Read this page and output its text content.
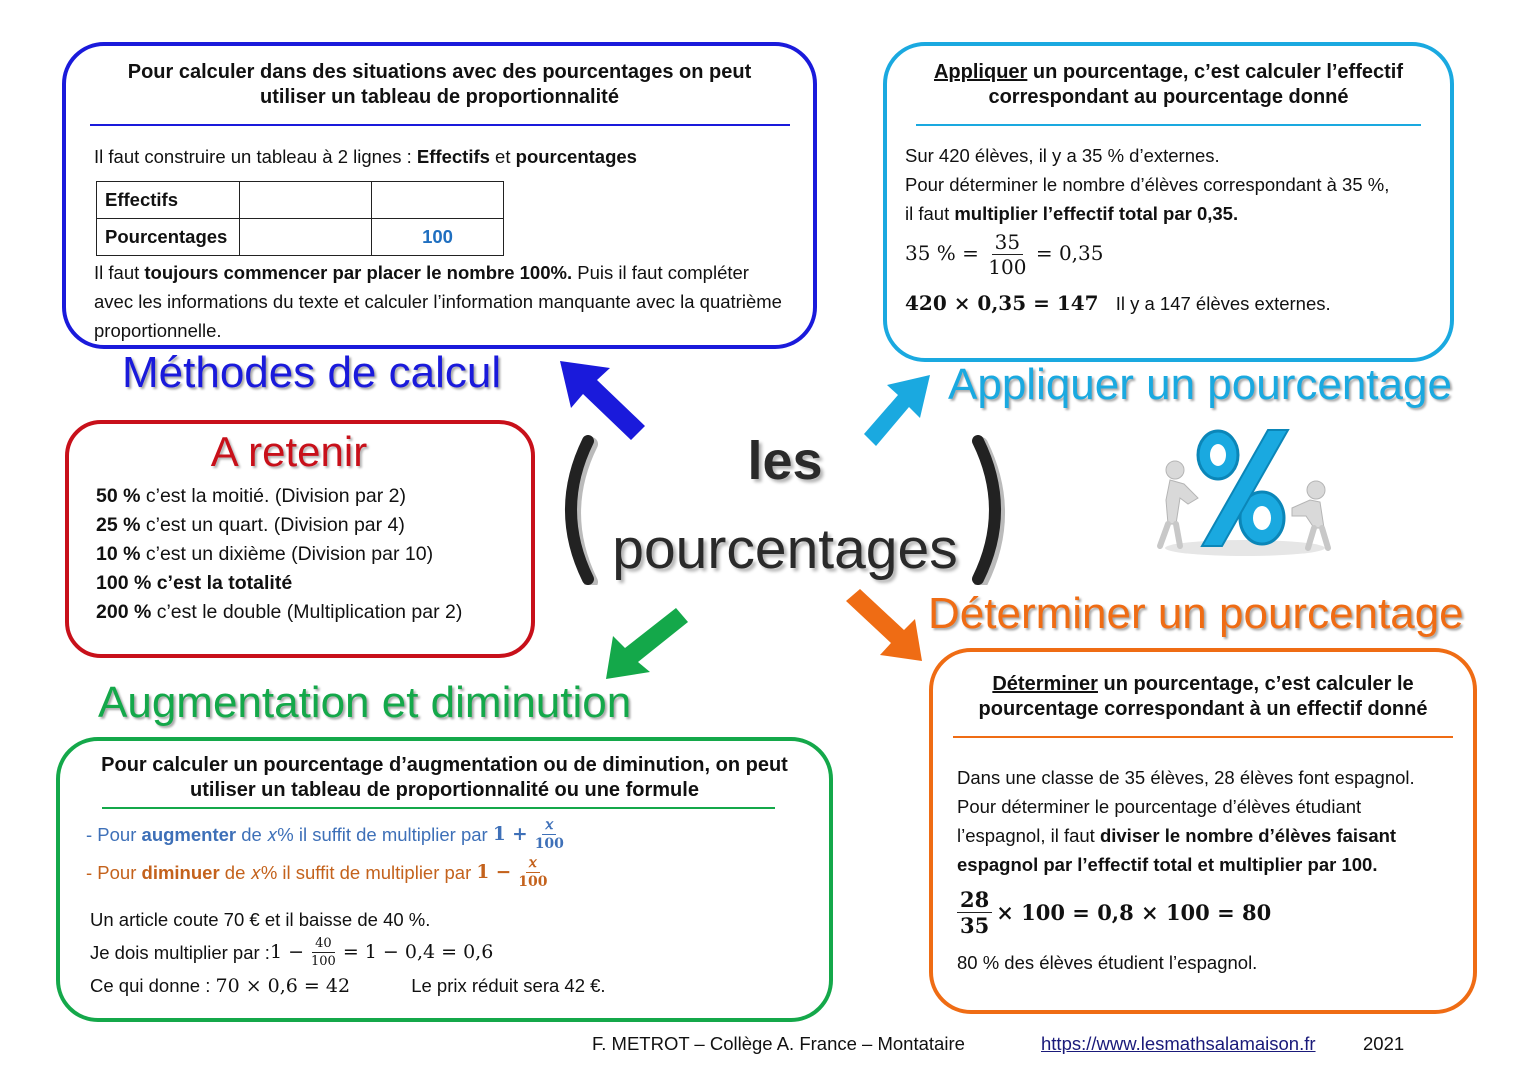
Pour calculer dans des situations avec des pourcentages on peut utiliser un tableau de proportionnalité
Il faut construire un tableau à 2 lignes : Effectifs et pourcentages
Effectifs		
Pourcentages		100
Il faut toujours commencer par placer le nombre 100%. Puis il faut compléter avec les informations du texte et calculer l’information manquante avec la quatrième proportionnelle.
Méthodes de calcul
Appliquer un pourcentage, c’est calculer l’effectif correspondant au pourcentage donné
Sur 420 élèves, il y a 35 % d’externes.
Pour déterminer le nombre d’élèves correspondant à 35 %,
il faut multiplier l’effectif total par 0,35.
35 % = $\frac{35}{100} = 0,35$
420 × 0,35 = 147 Il y a 147 élèves externes.
Appliquer un pourcentage
A retenir
50 % c’est la moitié. (Division par 2)
25 % c’est un quart. (Division par 4)
10 % c’est un dixième (Division par 10)
100 % c’est la totalité
200 % c’est le double (Multiplication par 2)
les
pourcentages
Déterminer un pourcentage
Augmentation et diminution
Pour calculer un pourcentage d’augmentation ou de diminution, on peut utiliser un tableau de proportionnalité ou une formule
- Pour
augmenter
de 𝑥% il suffit de multiplier par
$1 + \frac{\text{𝑥}}{100}$
- Pour
diminuer
de 𝑥% il suffit de multiplier par
$1 - \frac{\text{𝑥}}{100}$
Un article coute 70 € et il baisse de 40 %.
Je dois multiplier par : $1 - \frac{40}{100} = 1 - 0,4 = 0,6$
Ce qui donne : 70 × 0,6 = 42	Le prix réduit sera 42 €.
Déterminer un pourcentage, c’est calculer le pourcentage correspondant à un effectif donné
Dans une classe de 35 élèves, 28 élèves font espagnol.
Pour déterminer le pourcentage d’élèves étudiant l’espagnol, il faut diviser le nombre d’élèves faisant espagnol par l’effectif total et multiplier par 100.
$\frac{28}{35} \times 100 = 0,8 \times 100 = 80$
80 % des élèves étudient l’espagnol.
F. METROT – Collège A. France – Montataire	https://www.lesmathsalamaison.fr	2021
